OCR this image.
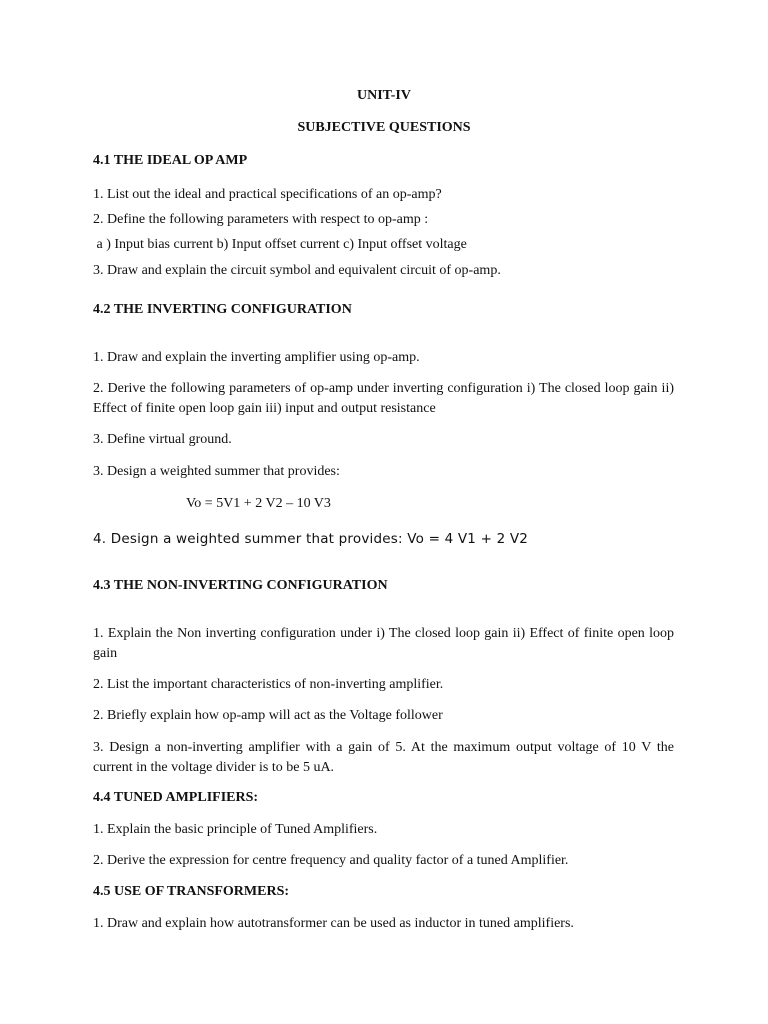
UNIT-IV

SUBJECTIVE QUESTIONS

4.1 THE IDEAL OP AMP

1. List out the ideal and practical specifications of an op-amp?

2. Define the following parameters with respect to op-amp :

a ) Input bias current b) Input offset current c) Input offset voltage

3. Draw and explain the circuit symbol and equivalent circuit of op-amp.

4.2 THE INVERTING CONFIGURATION

1. Draw and explain the inverting amplifier using op-amp.

2. Derive the following parameters of op-amp under inverting configuration i) The closed loop gain ii) Effect of finite open loop gain iii) input and output resistance

3. Define virtual ground.

3. Design a weighted summer that provides:

Vo = 5V1 + 2 V2 – 10 V3

4. Design a weighted summer that provides: Vo = 4 V1 + 2 V2

4.3 THE NON-INVERTING CONFIGURATION

1. Explain the Non inverting configuration under i) The closed loop gain ii) Effect of finite open loop gain

2. List the important characteristics of non-inverting amplifier.

2. Briefly explain how op-amp will act as the Voltage follower

3. Design a non-inverting amplifier with a gain of 5. At the maximum output voltage of 10 V the current in the voltage divider is to be 5 uA.

4.4 TUNED AMPLIFIERS:

1. Explain the basic principle of Tuned Amplifiers.

2. Derive the expression for centre frequency and quality factor of a tuned Amplifier.

4.5 USE OF TRANSFORMERS:

1. Draw and explain how autotransformer can be used as inductor in tuned amplifiers.
